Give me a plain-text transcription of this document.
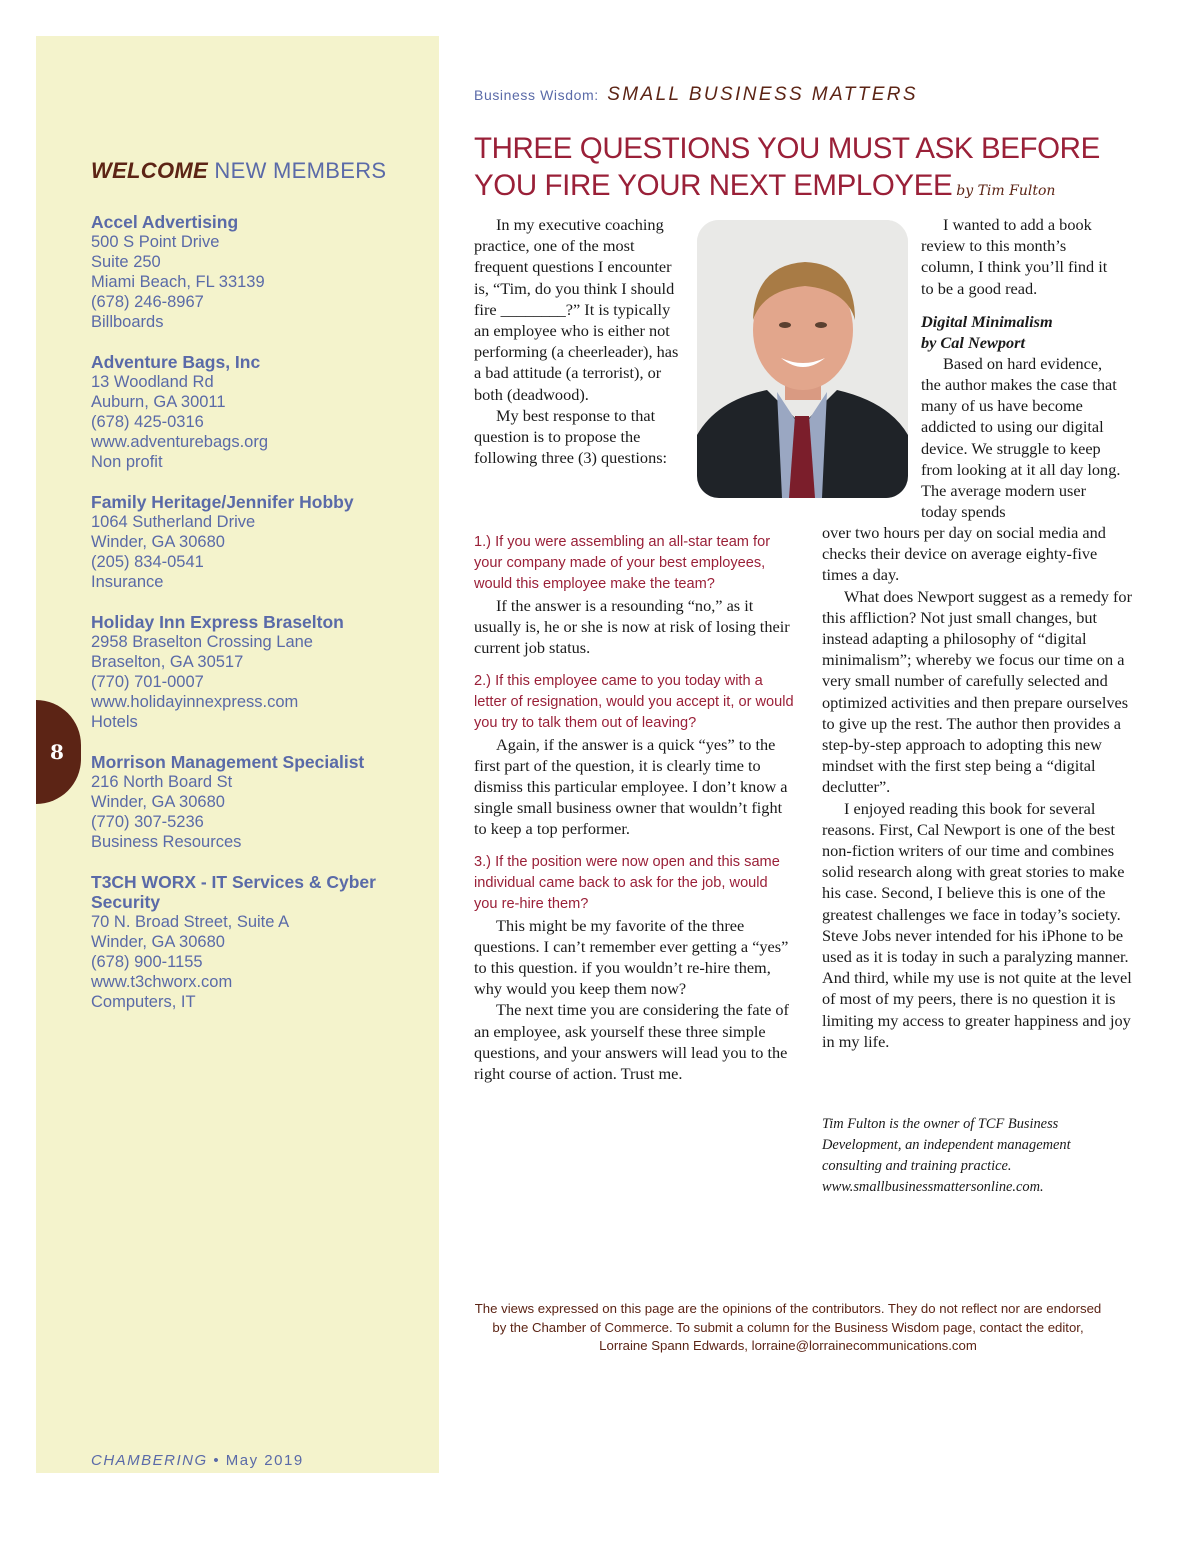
WELCOME NEW MEMBERS
Accel Advertising
500 S Point Drive
Suite 250
Miami Beach, FL 33139
(678) 246-8967
Billboards
Adventure Bags, Inc
13 Woodland Rd
Auburn, GA 30011
(678) 425-0316
www.adventurebags.org
Non profit
Family Heritage/Jennifer Hobby
1064 Sutherland Drive
Winder, GA 30680
(205) 834-0541
Insurance
Holiday Inn Express Braselton
2958 Braselton Crossing Lane
Braselton, GA 30517
(770) 701-0007
www.holidayinnexpress.com
Hotels
Morrison Management Specialist
216 North Board St
Winder, GA 30680
(770) 307-5236
Business Resources
T3CH WORX - IT Services & Cyber Security
70 N. Broad Street, Suite A
Winder, GA 30680
(678) 900-1155
www.t3chworx.com
Computers, IT
8
CHAMBERING • May 2019
Business Wisdom: SMALL BUSINESS MATTERS
THREE QUESTIONS YOU MUST ASK BEFORE
YOU FIRE YOUR NEXT EMPLOYEE by Tim Fulton

In my executive coaching practice, one of the most frequent questions I encounter is, “Tim, do you think I should fire ________?” It is typically an employee who is either not performing (a cheerleader), has a bad attitude (a terrorist), or both (deadwood).

My best response to that question is to propose the following three (3) questions:

1.) If you were assembling an all-star team for your company made of your best employees, would this employee make the team?

If the answer is a resounding “no,” as it usually is, he or she is now at risk of losing their current job status.

2.) If this employee came to you today with a letter of resignation, would you accept it, or would you try to talk them out of leaving?

Again, if the answer is a quick “yes” to the first part of the question, it is clearly time to dismiss this particular employee. I don’t know a single small business owner that wouldn’t fight to keep a top performer.

3.) If the position were now open and this same individual came back to ask for the job, would you re-hire them?

This might be my favorite of the three questions. I can’t remember ever getting a “yes” to this question. if you wouldn’t re-hire them, why would you keep them now?

The next time you are considering the fate of an employee, ask yourself these three simple questions, and your answers will lead you to the right course of action. Trust me.

I wanted to add a book review to this month’s column, I think you’ll find it to be a good read.

Digital Minimalism
by Cal Newport

Based on hard evidence, the author makes the case that many of us have become addicted to using our digital device. We struggle to keep from looking at it all day long. The average modern user today spends

over two hours per day on social media and checks their device on average eighty-five times a day.

What does Newport suggest as a remedy for this affliction? Not just small changes, but instead adapting a philosophy of “digital minimalism”; whereby we focus our time on a very small number of carefully selected and optimized activities and then prepare ourselves to give up the rest. The author then provides a step-by-step approach to adopting this new mindset with the first step being a “digital declutter”.

I enjoyed reading this book for several reasons. First, Cal Newport is one of the best non-fiction writers of our time and combines solid research along with great stories to make his case. Second, I believe this is one of the greatest challenges we face in today’s society. Steve Jobs never intended for his iPhone to be used as it is today in such a paralyzing manner. And third, while my use is not quite at the level of most of my peers, there is no question it is limiting my access to greater happiness and joy in my life.

Tim Fulton is the owner of TCF Business Development, an independent management consulting and training practice. www.smallbusinessmattersonline.com.
The views expressed on this page are the opinions of the contributors. They do not reflect nor are endorsed by the Chamber of Commerce. To submit a column for the Business Wisdom page, contact the editor, Lorraine Spann Edwards, lorraine@lorrainecommunications.com
